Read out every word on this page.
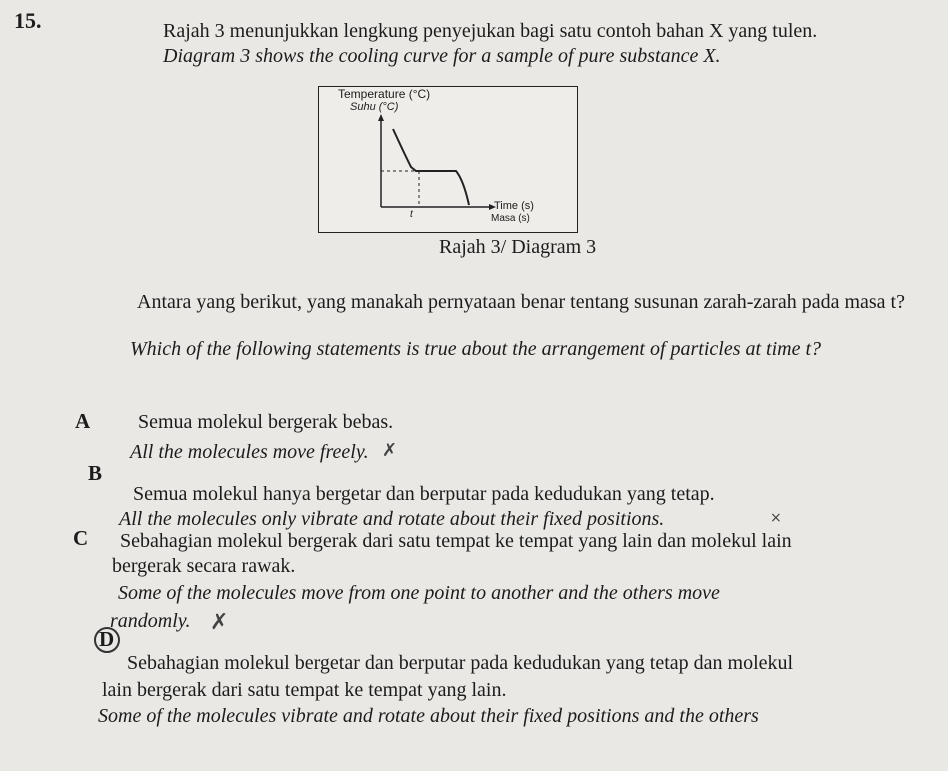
15.	Rajah 3 menunjukkan lengkung penyejukan bagi satu contoh bahan X yang tulen.
Diagram 3 shows the cooling curve for a sample of pure substance X.
Temperature (°C)
Suhu (°C)
Time (s)
Masa (s)
t
Rajah 3/ Diagram 3
Antara yang berikut, yang manakah pernyataan benar tentang susunan zarah-zarah pada masa t?
Which of the following statements is true about the arrangement of particles at time t?
A Semua molekul bergerak bebas.
All the molecules move freely. ✗
B
Semua molekul hanya bergetar dan berputar pada kedudukan yang tetap.
All the molecules only vibrate and rotate about their fixed positions.	×
C Sebahagian molekul bergerak dari satu tempat ke tempat yang lain dan molekul lain
bergerak secara rawak.
Some of the molecules move from one point to another and the others move
randomly. ✗
D
Sebahagian molekul bergetar dan berputar pada kedudukan yang tetap dan molekul
lain bergerak dari satu tempat ke tempat yang lain.
Some of the molecules vibrate and rotate about their fixed positions and the others
